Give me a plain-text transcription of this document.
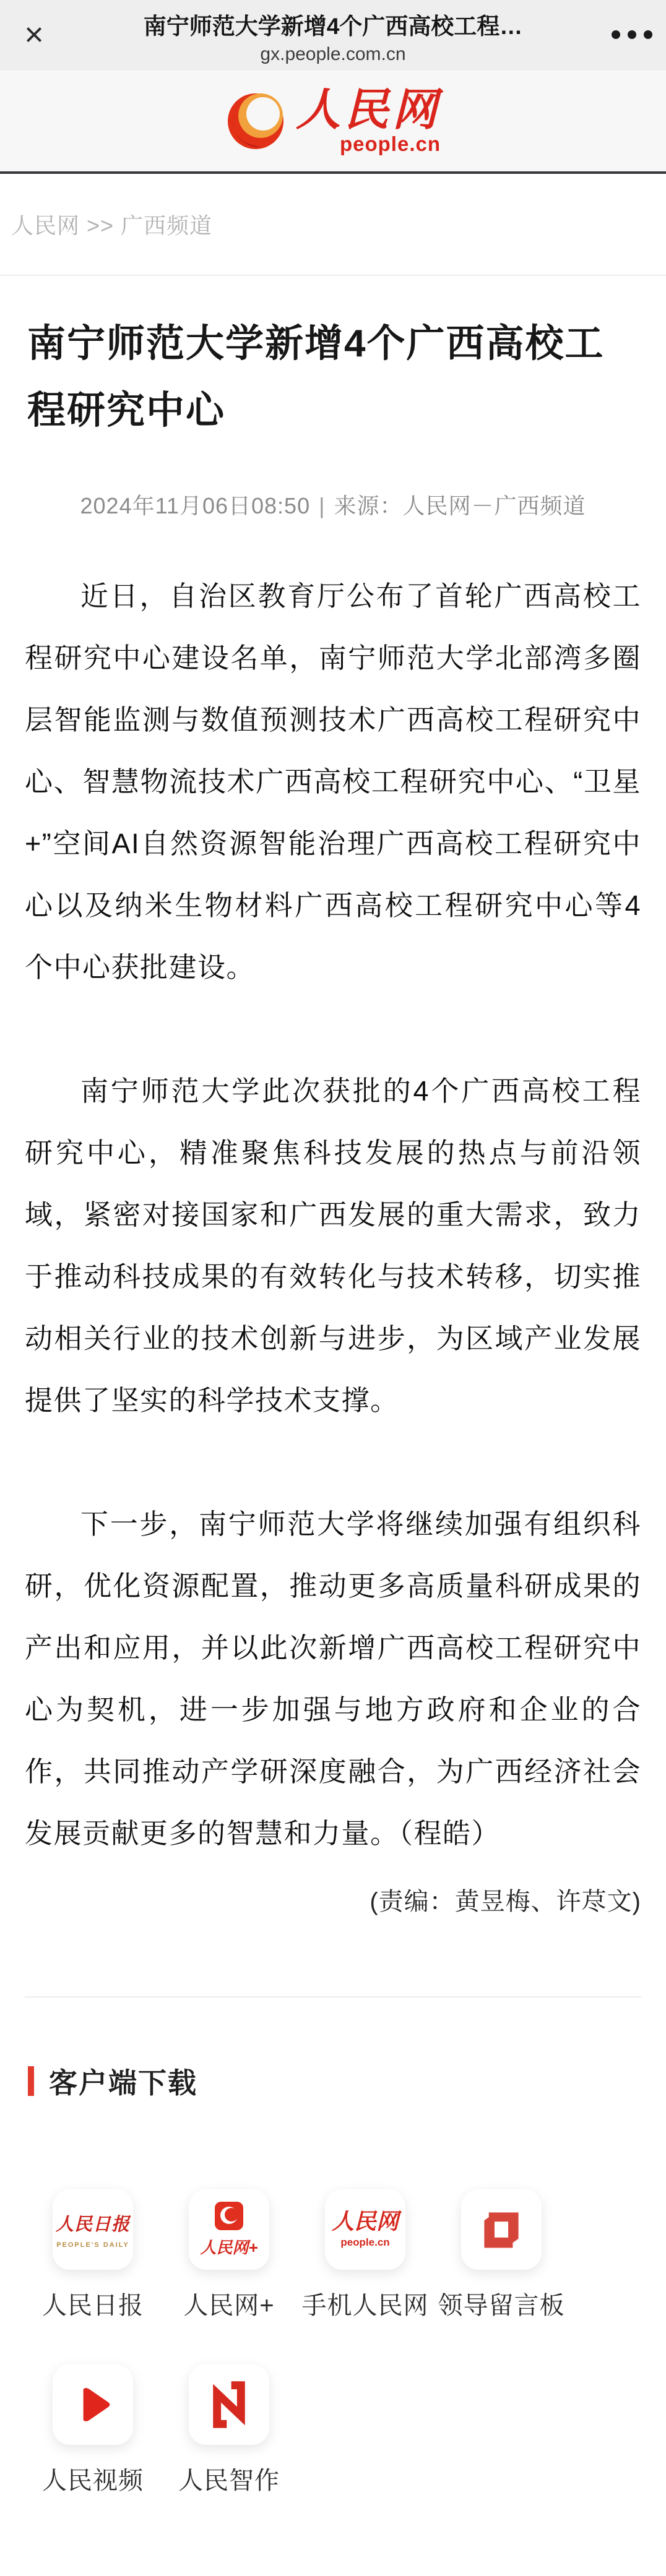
×	南宁师范大学新增4个广西高校工程…
gx.people.com.cn
人民网
people.cn
人民网 >> 广西频道
南宁师范大学新增4个广西高校工程研究中心
2024年11月06日08:50 | 来源：人民网－广西频道

近日，自治区教育厅公布了首轮广西高校工程研究中心建设名单，南宁师范大学北部湾多圈层智能监测与数值预测技术广西高校工程研究中心、智慧物流技术广西高校工程研究中心、“卫星+”空间AI自然资源智能治理广西高校工程研究中心以及纳米生物材料广西高校工程研究中心等4个中心获批建设。

南宁师范大学此次获批的4个广西高校工程研究中心，精准聚焦科技发展的热点与前沿领域，紧密对接国家和广西发展的重大需求，致力于推动科技成果的有效转化与技术转移，切实推动相关行业的技术创新与进步，为区域产业发展提供了坚实的科学技术支撑。

下一步，南宁师范大学将继续加强有组织科研，优化资源配置，推动更多高质量科研成果的产出和应用，并以此次新增广西高校工程研究中心为契机，进一步加强与地方政府和企业的合作，共同推动产学研深度融合，为广西经济社会发展贡献更多的智慧和力量。（程皓）

(责编：黄昱梅、许荩文)
客户端下载
人民日报
PEOPLE'S DAILY
人民日报
人民网+
人民网+
人民网
people.cn
手机人民网 领导留言板
人民视频 人民智作
